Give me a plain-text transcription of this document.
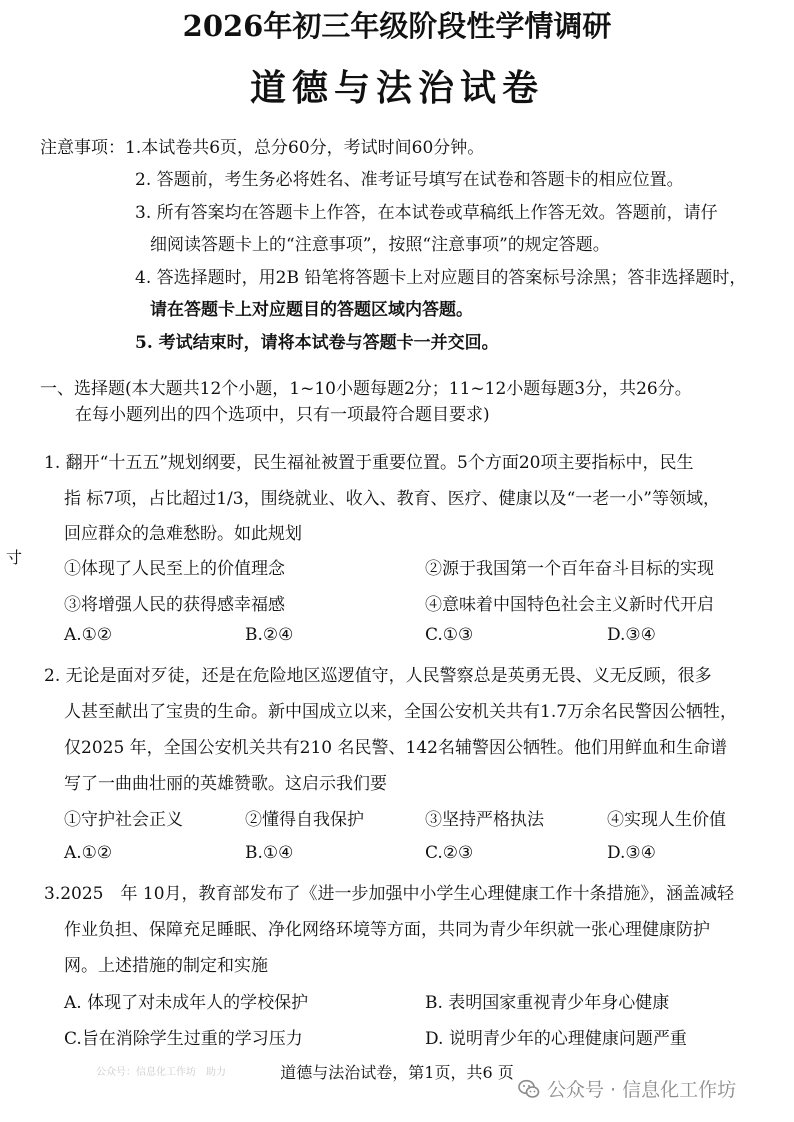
2026年初三年级阶段性学情调研
道德与法治试卷
注意事项： 1.本试卷共6页，总分60分，考试时间60分钟。
2. 答题前，考生务必将姓名、准考证号填写在试卷和答题卡的相应位置。
3. 所有答案均在答题卡上作答，在本试卷或草稿纸上作答无效。答题前，请仔
细阅读答题卡上的“注意事项”，按照“注意事项”的规定答题。
4. 答选择题时，用2B 铅笔将答题卡上对应题目的答案标号涂黑；答非选择题时，
请在答题卡上对应题目的答题区域内答题。
5. 考试结束时，请将本试卷与答题卡一并交回。
一、选择题(本大题共12个小题，1~10小题每题2分；11~12小题每题3分，共26分。
在每小题列出的四个选项中，只有一项最符合题目要求)
寸
1. 翻开“十五五”规划纲要，民生福祉被置于重要位置。5个方面20项主要指标中，民生
指 标7项，占比超过1/3，围绕就业、收入、教育、医疗、健康以及“一老一小”等领域，
回应群众的急难愁盼。如此规划
①体现了人民至上的价值理念	②源于我国第一个百年奋斗目标的实现
③将增强人民的获得感幸福感	④意味着中国特色社会主义新时代开启
A.①②	B.②④	C.①③	D.③④
2. 无论是面对歹徒，还是在危险地区巡逻值守，人民警察总是英勇无畏、义无反顾，很多
人甚至献出了宝贵的生命。新中国成立以来，全国公安机关共有1.7万余名民警因公牺牲，
仅2025 年，全国公安机关共有210 名民警、142名辅警因公牺牲。他们用鲜血和生命谱
写了一曲曲壮丽的英雄赞歌。这启示我们要
①守护社会正义	②懂得自我保护	③坚持严格执法	④实现人生价值
A.①②	B.①④	C.②③	D.③④
3.2025　年 10月，教育部发布了《进一步加强中小学生心理健康工作十条措施》，涵盖减轻
作业负担、保障充足睡眠、净化网络环境等方面，共同为青少年织就一张心理健康防护
网。上述措施的制定和实施
A. 体现了对未成年人的学校保护	B. 表明国家重视青少年身心健康
C.旨在消除学生过重的学习压力	D. 说明青少年的心理健康问题严重
公众号：信息化工作坊　助力	道德与法治试卷，第1页，共6 页
公众号 · 信息化工作坊
